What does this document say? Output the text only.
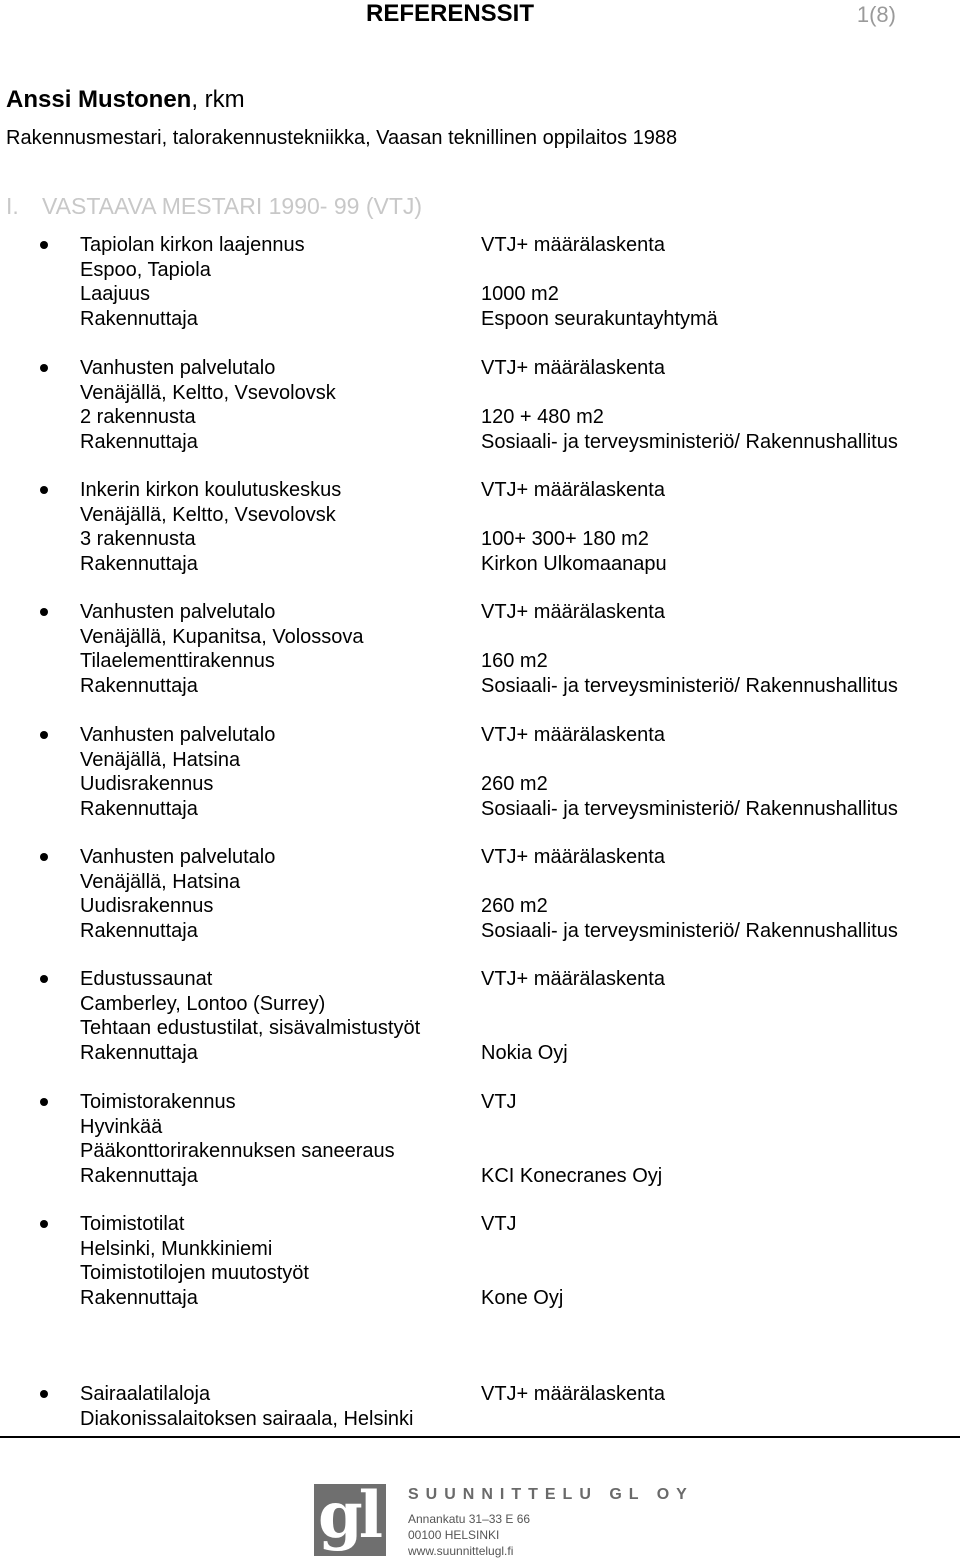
REFERENSSIT	1(8)
Anssi Mustonen, rkm
Rakennusmestari, talorakennustekniikka, Vaasan teknillinen oppilaitos 1988
I. VASTAAVA MESTARI 1990- 99 (VTJ)
Tapiolan kirkon laajennus	VTJ+ määrälaskenta
Espoo, Tapiola
Laajuus	1000 m2
Rakennuttaja	Espoon seurakuntayhtymä
Vanhusten palvelutalo	VTJ+ määrälaskenta
Venäjällä, Keltto, Vsevolovsk
2 rakennusta	120 + 480 m2
Rakennuttaja	Sosiaali- ja terveysministeriö/ Rakennushallitus
Inkerin kirkon koulutuskeskus	VTJ+ määrälaskenta
Venäjällä, Keltto, Vsevolovsk
3 rakennusta	100+ 300+ 180 m2
Rakennuttaja	Kirkon Ulkomaanapu
Vanhusten palvelutalo	VTJ+ määrälaskenta
Venäjällä, Kupanitsa, Volossova
Tilaelementtirakennus	160 m2
Rakennuttaja	Sosiaali- ja terveysministeriö/ Rakennushallitus
Vanhusten palvelutalo	VTJ+ määrälaskenta
Venäjällä, Hatsina
Uudisrakennus	260 m2
Rakennuttaja	Sosiaali- ja terveysministeriö/ Rakennushallitus
Vanhusten palvelutalo	VTJ+ määrälaskenta
Venäjällä, Hatsina
Uudisrakennus	260 m2
Rakennuttaja	Sosiaali- ja terveysministeriö/ Rakennushallitus
Edustussaunat	VTJ+ määrälaskenta
Camberley, Lontoo (Surrey)
Tehtaan edustustilat, sisävalmistustyöt
Rakennuttaja	Nokia Oyj
Toimistorakennus	VTJ
Hyvinkää
Pääkonttorirakennuksen saneeraus
Rakennuttaja	KCI Konecranes Oyj
Toimistotilat	VTJ
Helsinki, Munkkiniemi
Toimistotilojen muutostyöt
Rakennuttaja	Kone Oyj
Sairaalatilaloja	VTJ+ määrälaskenta
Diakonissalaitoksen sairaala, Helsinki
gl SUUNNITTELU GL OY
Annankatu 31–33 E 66
00100 HELSINKI
www.suunnittelugl.fi
